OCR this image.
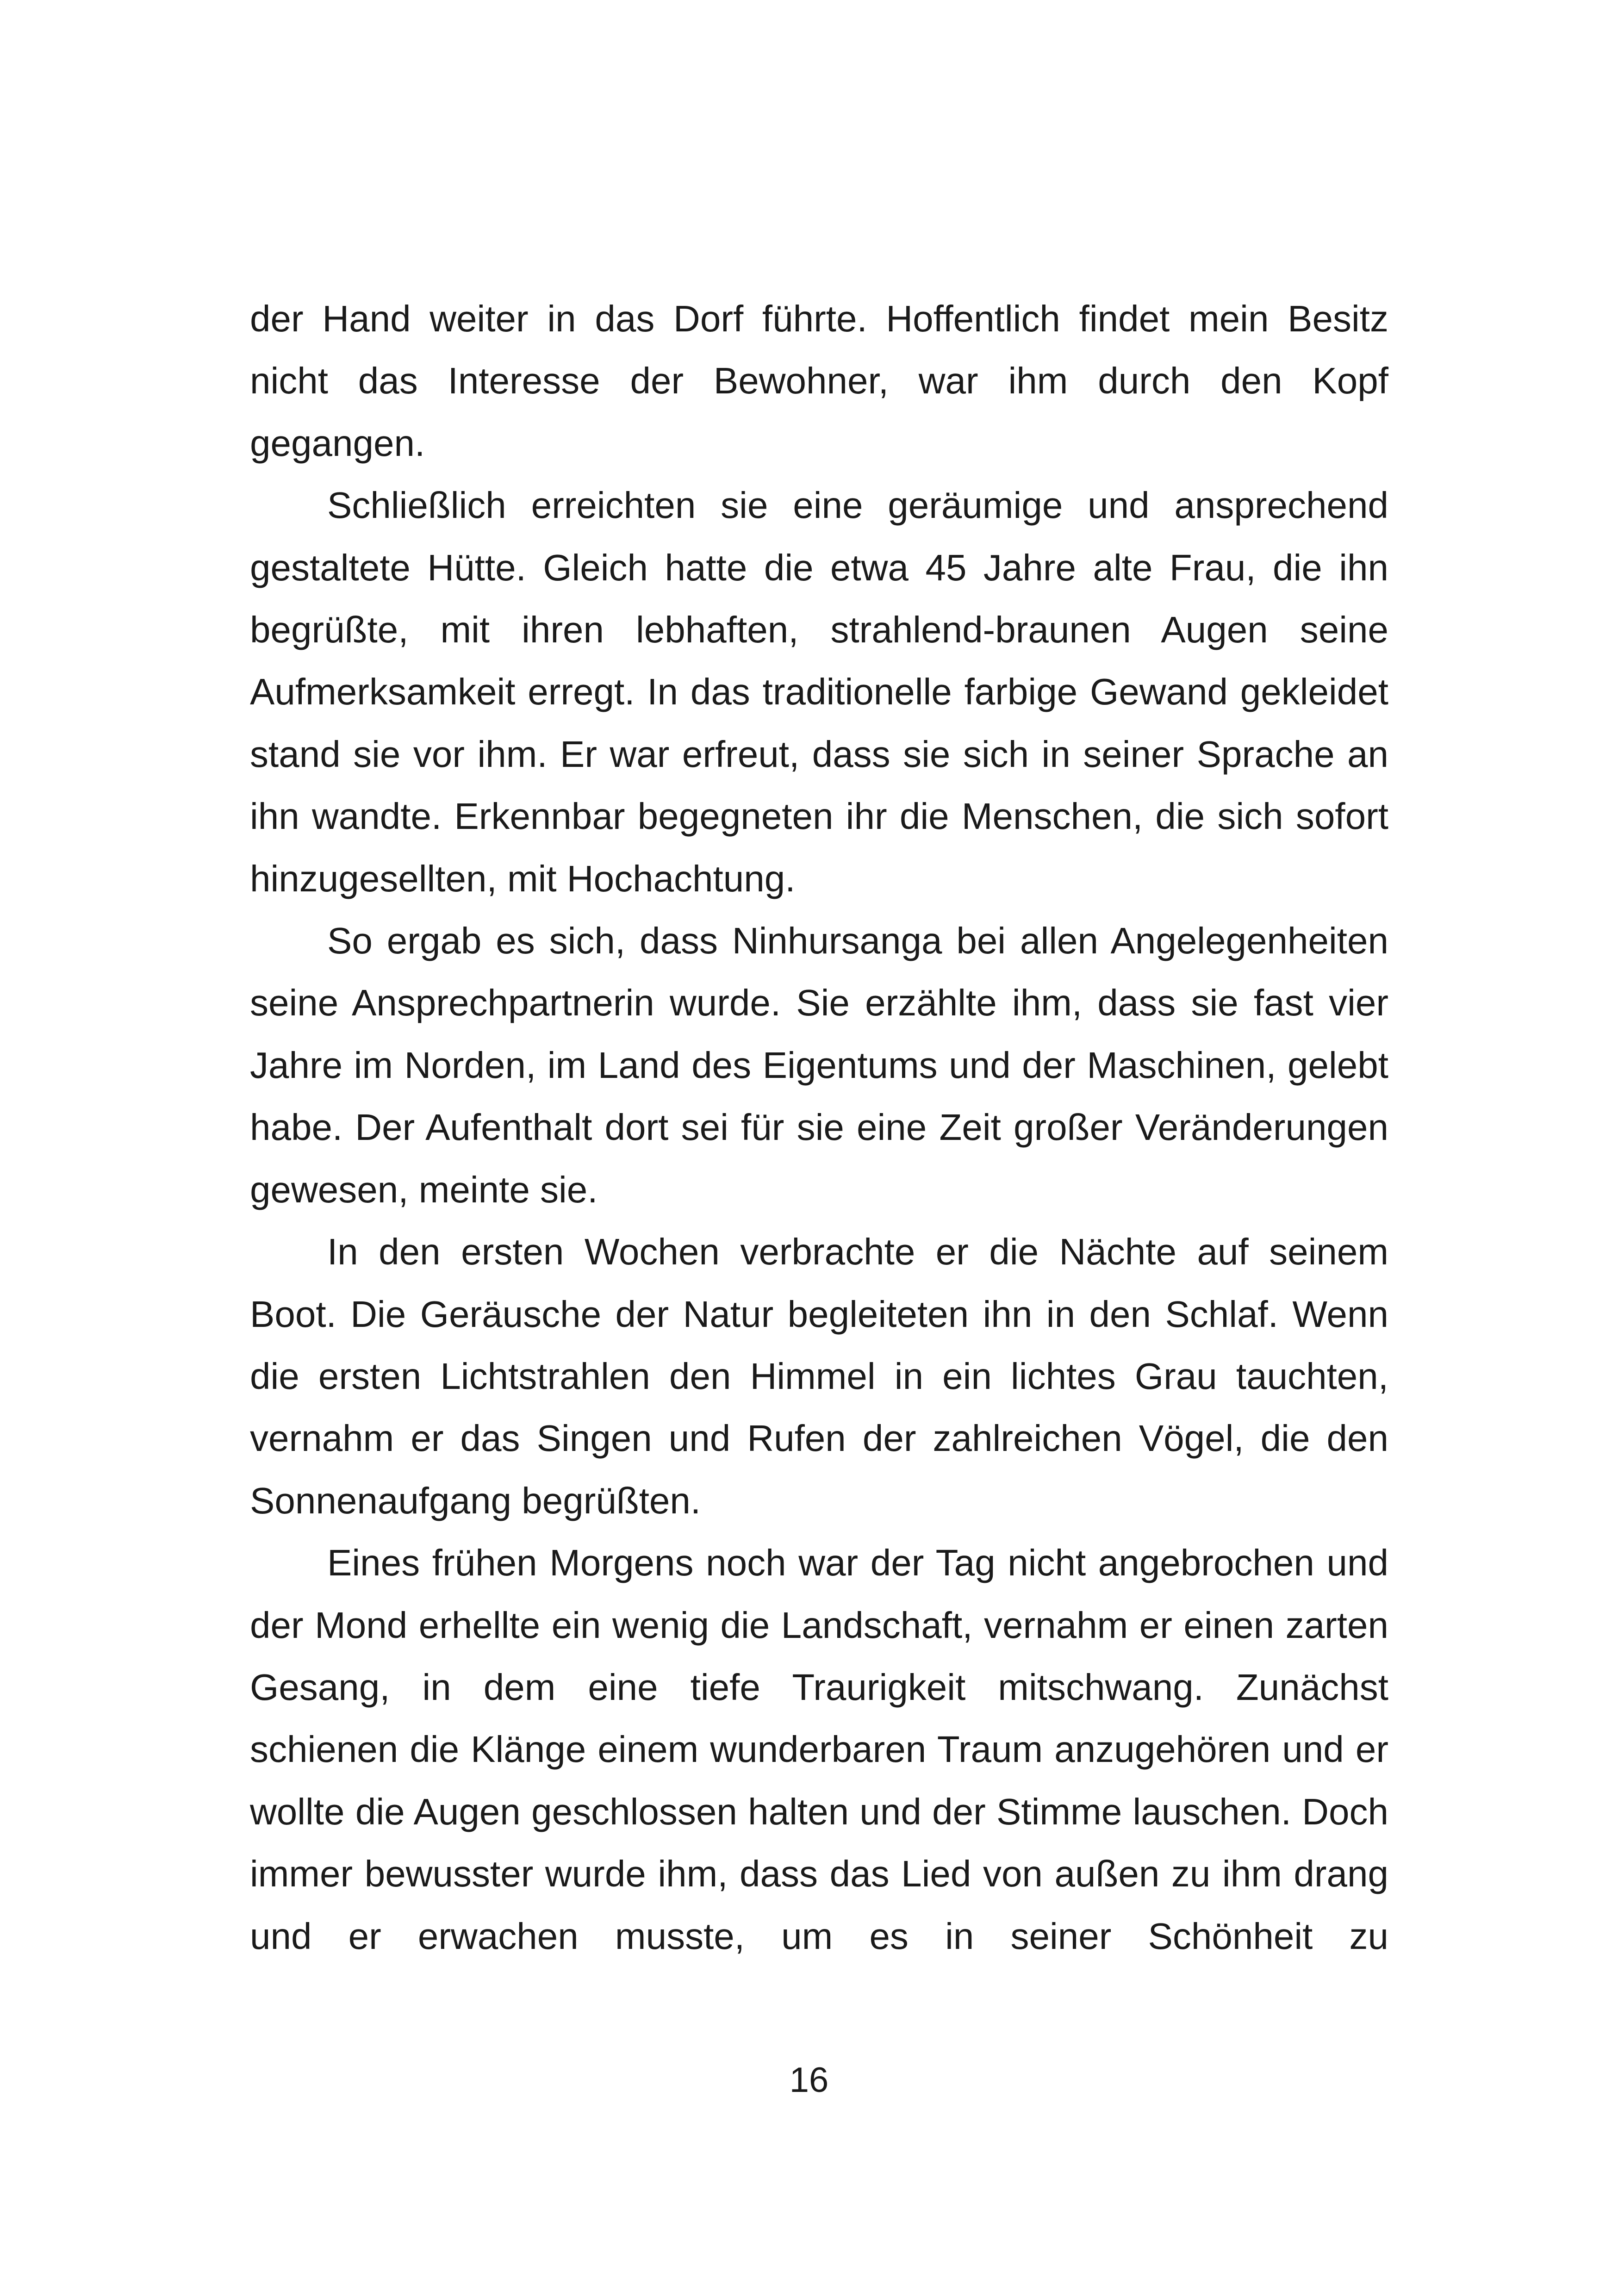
der Hand weiter in das Dorf führte. Hoffentlich findet mein Besitz nicht das Interesse der Bewohner, war ihm durch den Kopf gegangen.

Schließlich erreichten sie eine geräumige und ansprechend gestaltete Hütte. Gleich hatte die etwa 45 Jahre alte Frau, die ihn begrüßte, mit ihren lebhaften, strahlend-braunen Augen seine Aufmerksamkeit erregt. In das traditionelle farbige Gewand gekleidet stand sie vor ihm. Er war erfreut, dass sie sich in seiner Sprache an ihn wandte. Erkennbar begegneten ihr die Menschen, die sich sofort hinzugesellten, mit Hochachtung.

So ergab es sich, dass Ninhursanga bei allen Angelegenheiten seine Ansprechpartnerin wurde. Sie erzählte ihm, dass sie fast vier Jahre im Norden, im Land des Eigentums und der Maschinen, gelebt habe. Der Aufenthalt dort sei für sie eine Zeit großer Veränderungen gewesen, meinte sie.

In den ersten Wochen verbrachte er die Nächte auf seinem Boot. Die Geräusche der Natur begleiteten ihn in den Schlaf. Wenn die ersten Lichtstrahlen den Himmel in ein lichtes Grau tauchten, vernahm er das Singen und Rufen der zahlreichen Vögel, die den Sonnenaufgang begrüßten.

Eines frühen Morgens noch war der Tag nicht angebrochen und der Mond erhellte ein wenig die Landschaft, vernahm er einen zarten Gesang, in dem eine tiefe Traurigkeit mitschwang. Zunächst schienen die Klänge einem wunderbaren Traum anzugehören und er wollte die Augen geschlossen halten und der Stimme lauschen. Doch immer bewusster wurde ihm, dass das Lied von außen zu ihm drang und er erwachen musste, um es in seiner Schönheit zu

16
